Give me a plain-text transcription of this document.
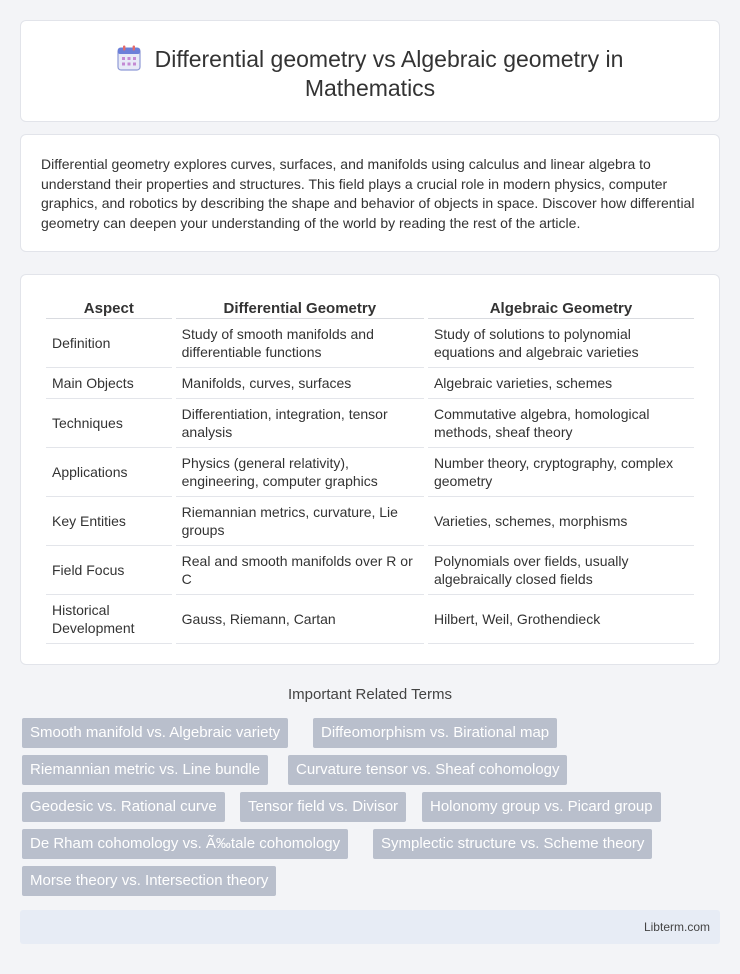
Differential geometry vs Algebraic geometry in
Mathematics

Differential geometry explores curves, surfaces, and manifolds using calculus and linear algebra to understand their properties and structures. This field plays a crucial role in modern physics, computer graphics, and robotics by describing the shape and behavior of objects in space. Discover how differential geometry can deepen your understanding of the world by reading the rest of the article.

Aspect	Differential Geometry	Algebraic Geometry
Definition	Study of smooth manifolds and differentiable functions	Study of solutions to polynomial equations and algebraic varieties
Main Objects	Manifolds, curves, surfaces	Algebraic varieties, schemes
Techniques	Differentiation, integration, tensor analysis	Commutative algebra, homological methods, sheaf theory
Applications	Physics (general relativity), engineering, computer graphics	Number theory, cryptography, complex geometry
Key Entities	Riemannian metrics, curvature, Lie groups	Varieties, schemes, morphisms
Field Focus	Real and smooth manifolds over R or C	Polynomials over fields, usually algebraically closed fields
Historical Development	Gauss, Riemann, Cartan	Hilbert, Weil, Grothendieck
Important Related Terms
Smooth manifold vs. Algebraic variety	Diffeomorphism vs. Birational map
Riemannian metric vs. Line bundle	Curvature tensor vs. Sheaf cohomology
Geodesic vs. Rational curve	Tensor field vs. Divisor	Holonomy group vs. Picard group
De Rham cohomology vs. Ã‰tale cohomology	Symplectic structure vs. Scheme theory
Morse theory vs. Intersection theory
Libterm.com
